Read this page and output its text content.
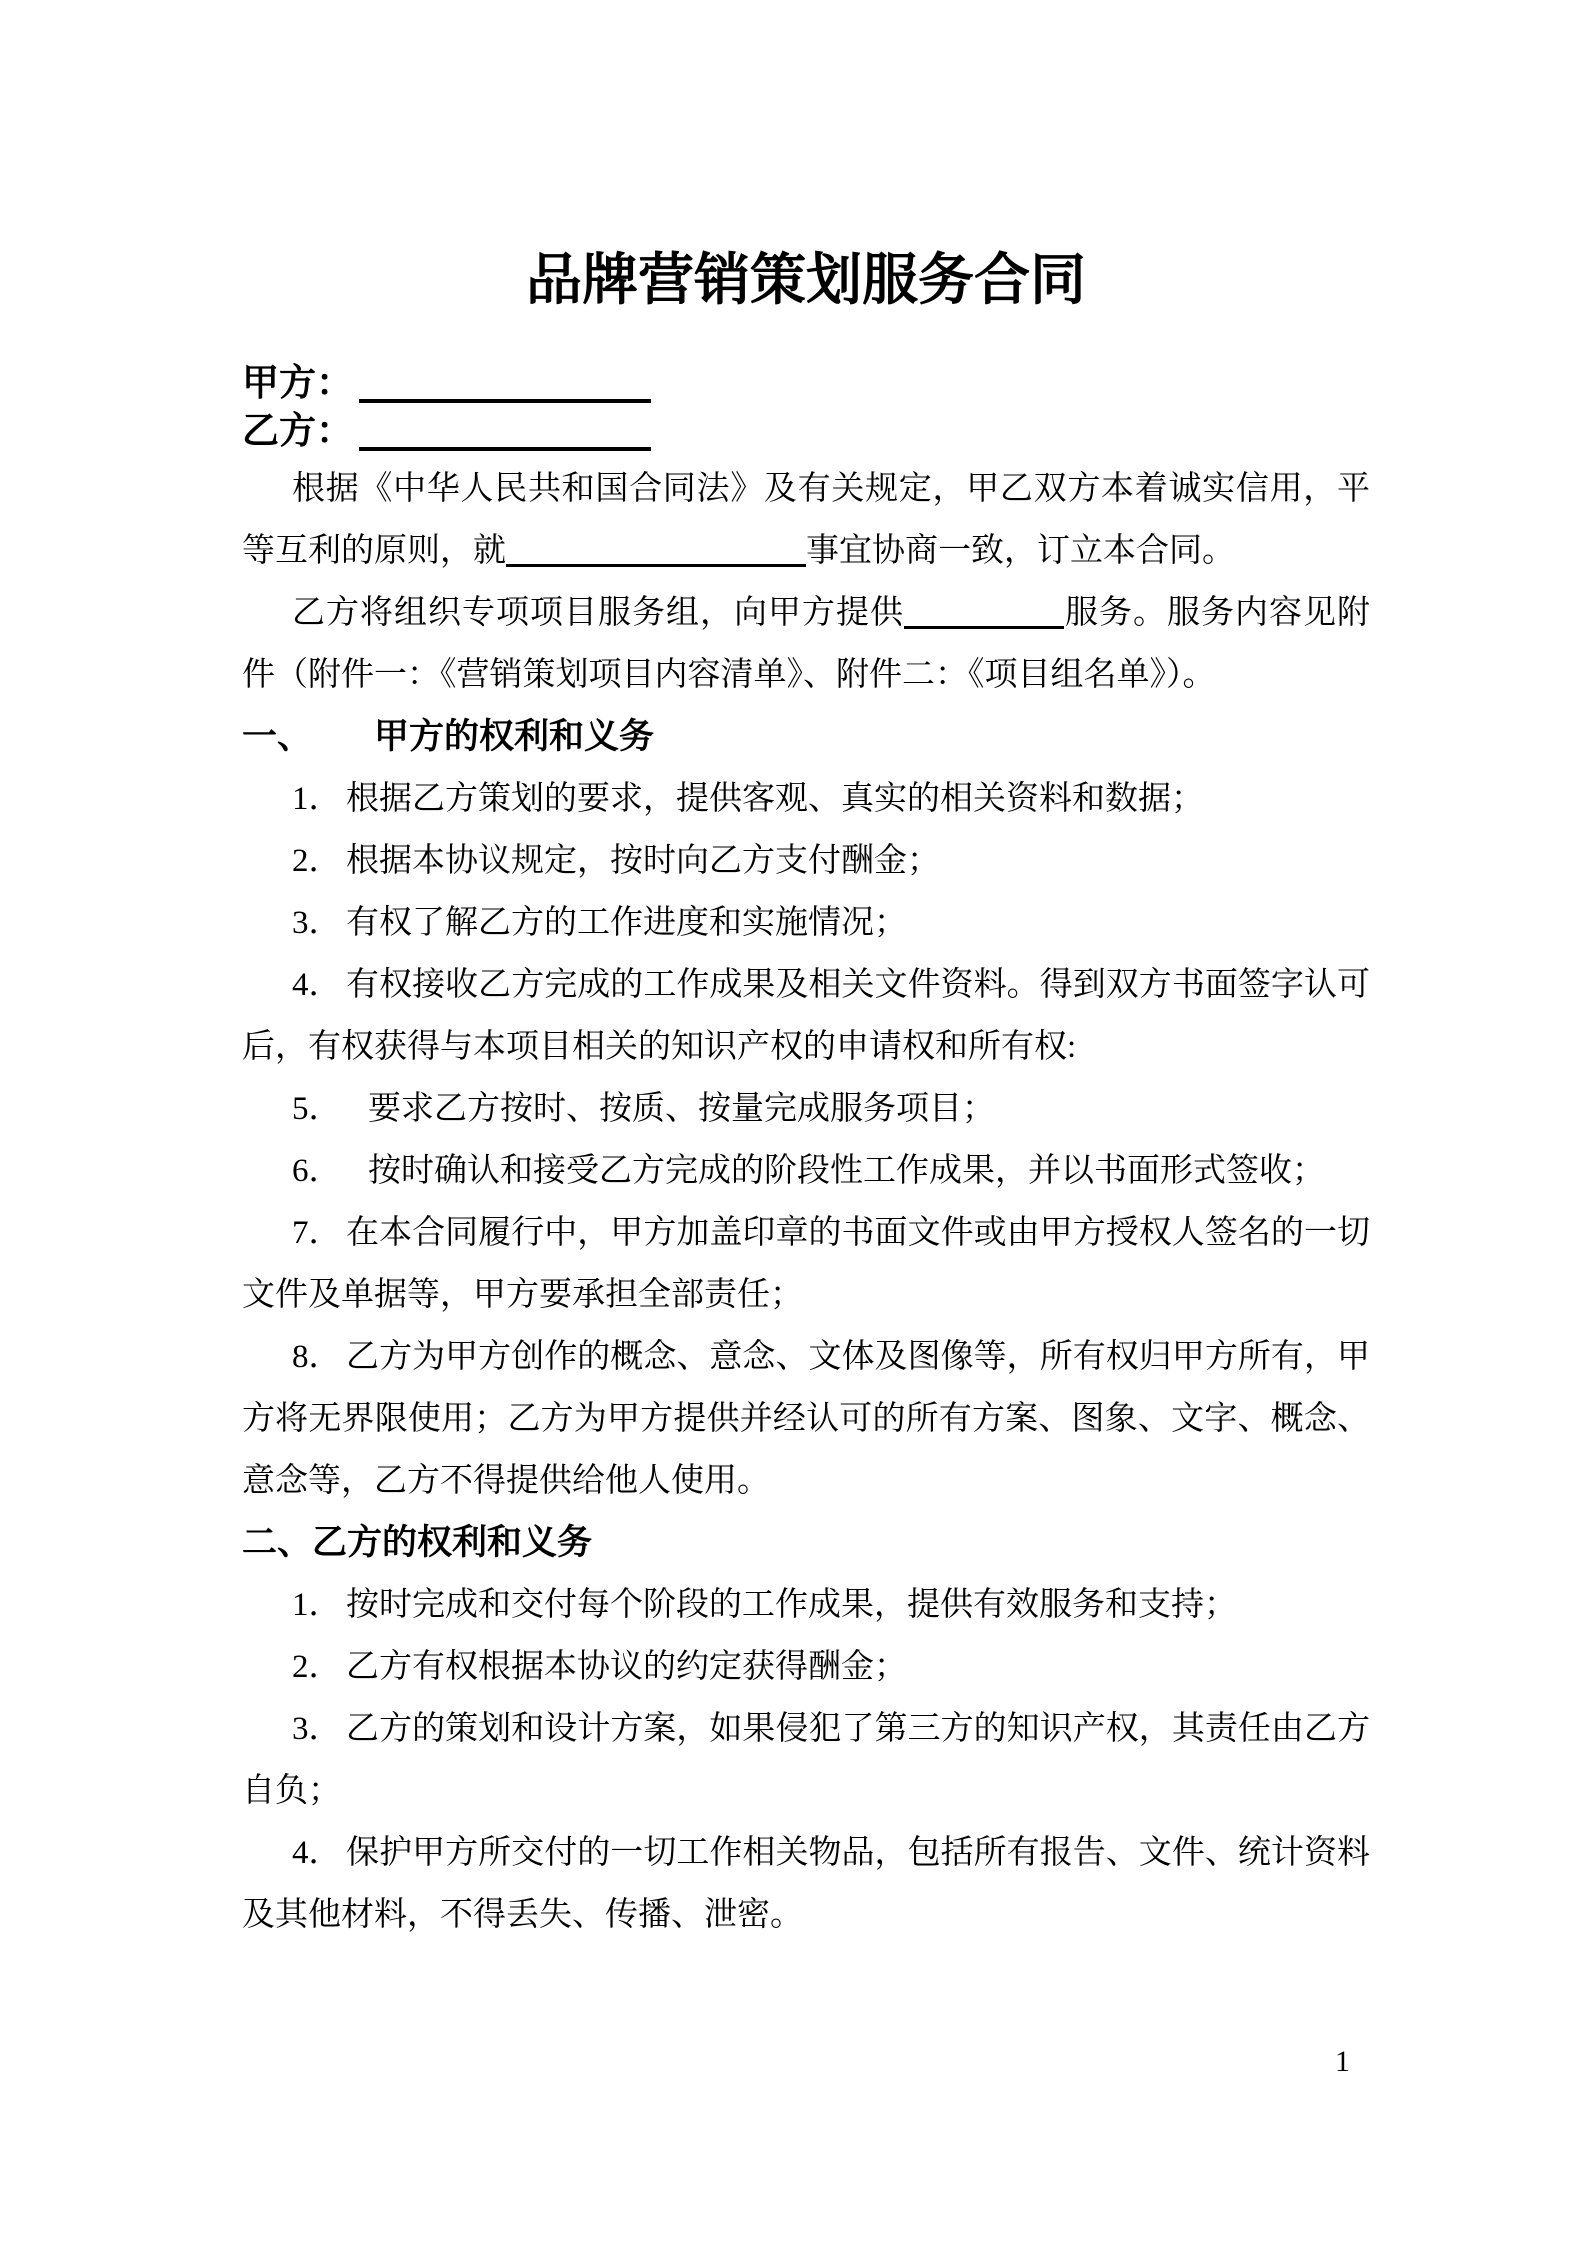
品牌营销策划服务合同
甲方：
乙方：

根据《中华人民共和国合同法》及有关规定，甲乙双方本着诚实信用，平等互利的原则，就	事宜协商一致，订立本合同。

乙方将组织专项项目服务组，向甲方提供	服务。服务内容见附件（附件一：《营销策划项目内容清单》、附件二：《项目组名单》）。

一、 甲方的权利和义务

1． 根据乙方策划的要求，提供客观、真实的相关资料和数据；

2． 根据本协议规定，按时向乙方支付酬金；

3． 有权了解乙方的工作进度和实施情况；

4． 有权接收乙方完成的工作成果及相关文件资料。得到双方书面签字认可后，有权获得与本项目相关的知识产权的申请权和所有权:

5． 要求乙方按时、按质、按量完成服务项目；

6． 按时确认和接受乙方完成的阶段性工作成果，并以书面形式签收；

7． 在本合同履行中，甲方加盖印章的书面文件或由甲方授权人签名的一切文件及单据等，甲方要承担全部责任；

8． 乙方为甲方创作的概念、意念、文体及图像等，所有权归甲方所有，甲方将无界限使用；乙方为甲方提供并经认可的所有方案、图象、文字、概念、意念等，乙方不得提供给他人使用。

二、乙方的权利和义务

1． 按时完成和交付每个阶段的工作成果，提供有效服务和支持；

2． 乙方有权根据本协议的约定获得酬金；

3． 乙方的策划和设计方案，如果侵犯了第三方的知识产权，其责任由乙方自负；

4． 保护甲方所交付的一切工作相关物品，包括所有报告、文件、统计资料及其他材料，不得丢失、传播、泄密。

1
